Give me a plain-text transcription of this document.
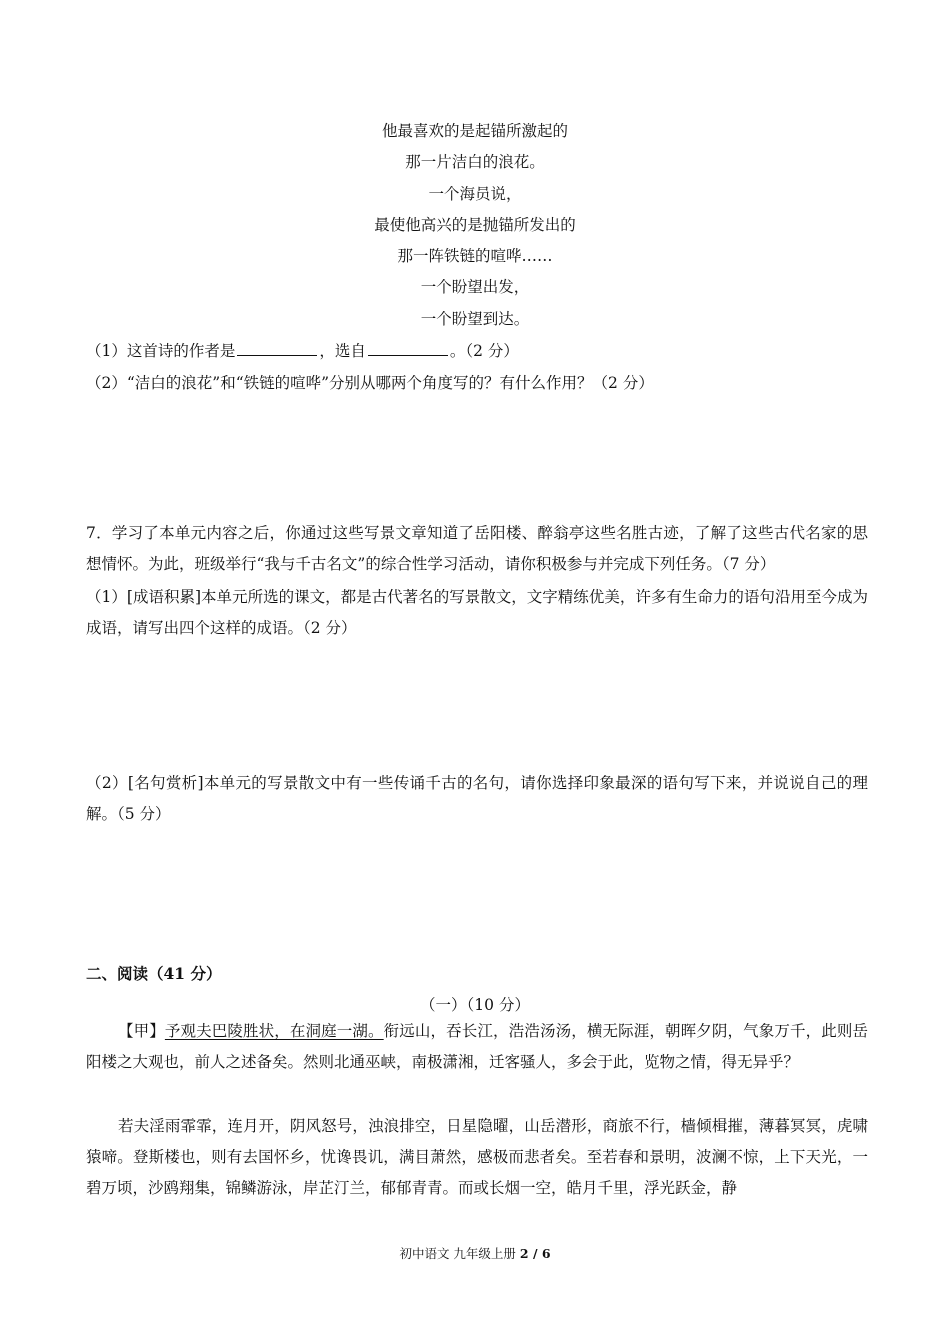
他最喜欢的是起锚所激起的
那一片洁白的浪花。
一个海员说，
最使他高兴的是抛锚所发出的
那一阵铁链的喧哗……
一个盼望出发，
一个盼望到达。
（1）这首诗的作者是	，选自	。（2 分）
（2）“洁白的浪花”和“铁链的喧哗”分别从哪两个角度写的？有什么作用？（2 分）
7．学习了本单元内容之后，你通过这些写景文章知道了岳阳楼、醉翁亭这些名胜古迹，了解了这些古代名家的思想情怀。为此，班级举行“我与千古名文”的综合性学习活动，请你积极参与并完成下列任务。（7 分）
（1）[成语积累]本单元所选的课文，都是古代著名的写景散文，文字精练优美，许多有生命力的语句沿用至今成为成语，请写出四个这样的成语。（2 分）
（2）[名句赏析]本单元的写景散文中有一些传诵千古的名句，请你选择印象最深的语句写下来，并说说自己的理解。（5 分）
二、阅读（41 分）
（一）（10 分）
【甲】予观夫巴陵胜状，在洞庭一湖。衔远山，吞长江，浩浩汤汤，横无际涯，朝晖夕阴，气象万千，此则岳阳楼之大观也，前人之述备矣。然则北通巫峡，南极潇湘，迁客骚人，多会于此，览物之情，得无异乎？
若夫淫雨霏霏，连月开，阴风怒号，浊浪排空，日星隐曜，山岳潜形，商旅不行，樯倾楫摧，薄暮冥冥，虎啸猿啼。登斯楼也，则有去国怀乡，忧谗畏讥，满目萧然，感极而悲者矣。至若春和景明，波澜不惊，上下天光，一碧万顷，沙鸥翔集，锦鳞游泳，岸芷汀兰，郁郁青青。而或长烟一空，皓月千里，浮光跃金，静
初中语文 九年级上册 2 / 6
